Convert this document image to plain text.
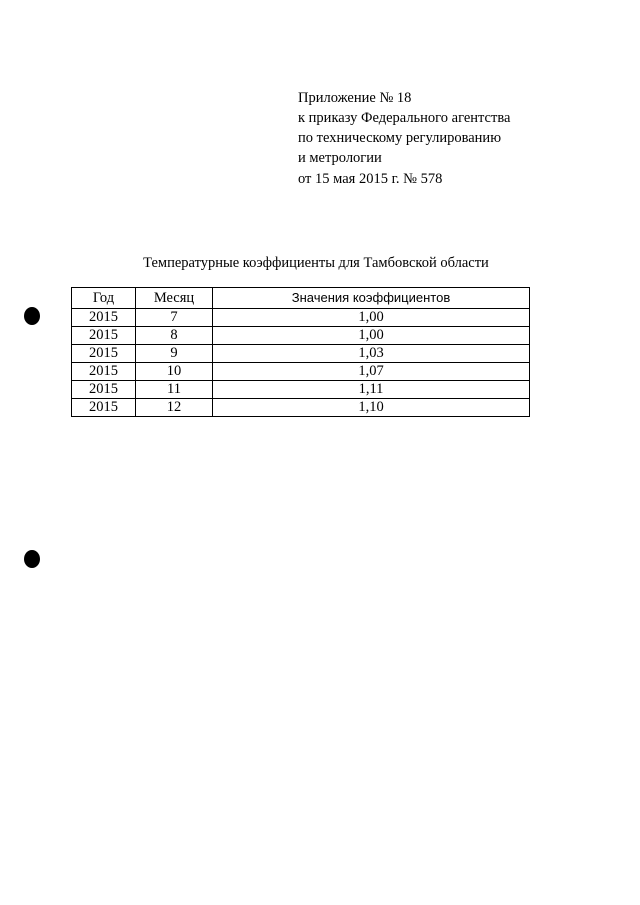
Приложение № 18
к приказу Федерального агентства
по техническому регулированию
и метрологии
от 15 мая 2015 г. № 578
Температурные коэффициенты для Тамбовской области
Год	Месяц	Значения коэффициентов
2015	7	1,00
2015	8	1,00
2015	9	1,03
2015	10	1,07
2015	11	1,11
2015	12	1,10
